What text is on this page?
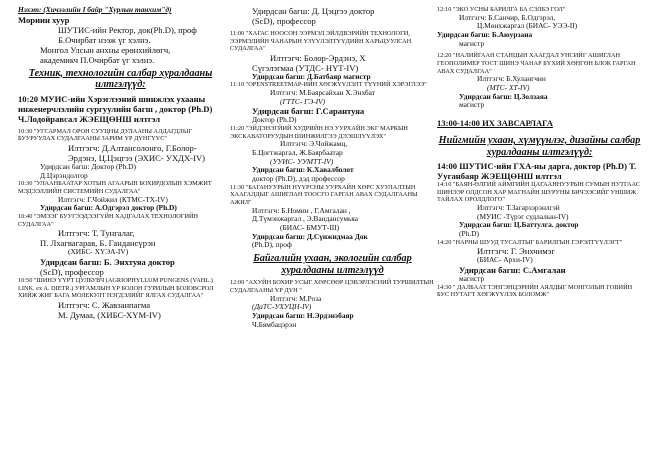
Нэхэт: (Хичээлийн I байр "Хурлын танхим"д)

Мориин хуур

ШУТИС-ийн Ректор, док(Ph.D), проф

Б.Очирбат нээж үг хэлнэ.

Монгол Улсын анхны ерөнхийлөгч,

академикч П.Очирбат үг хэлнэ.

Техник, технологийн салбар хуралдааны илтгэлүүд:

10:20 МУИС-ийн Хэрэглээний шинжлэх ухааны инженерчлэлийн сургуулийн багш , доктор (Ph.D) Ч.Лодойравсал ЖЭЕЩӨНШ илтгэл

10:30 "УГСАРМАЛ ОРОН СУУЦНЫ ДУЛААНЫ АЛДАГДЛЫГ БУУРУУЛАХ СУДАЛГААНЫ ЗАРИМ ҮР ДҮНГҮҮС"

Илтгэгч: Д.Алтансолонго, Г.Болор-

Эрдэнэ, Ц.Цэцгээ (ЭХИС- УХДХ-IV)

Удирдсан багш: Доктор (Ph.D)

Д.Цэрэндолгор

10:30 "УЛААНБААТАР ХОТЫН АГААРЫН БОХИРДОЛЫН ХЭМЖИТ МЭДЭЭЛЛИЙН СИСТЕМИЙН СУДАЛГАА"

Илтгэгч: Г.Чойжил (КТМС-ТХ-IV)

Удирдсан багш: А.Одгэрэл доктор (Ph.D)

10:40 "ЭМЭЭГ БУУГЭЭДЭЭГҮЙН ХАДГАЛАХ ТЕХНОЛОГИЙН СУДАЛГАА"

Илтгэгч: Т. Тунгалаг,

П. Лхагвагарав, Б. Гандансүрэн

(ХИБС- ХҮЭА-IV)

Удирдсан багш: Б. Энхтуяа доктор

(ScD), профессор

10:50 "ШИНЭ ҮҮРТ ЦУЛБУВЧ (AGRIOPHYLLUM PUNGENS (VAHL.) LINK. ex A. DIETR.) УРГАМЛЫН ҮР БОЛОН ГУРИЛЫН БОЛОВСРОЛ ХИЙЖ ЖИГ БАГА МОЛЕКУЛТ НЭГДЭЛИЙГ ЯЛГАХ СУДАЛГАА"

Илтгэгч: С. Жавзанпагма

М. Думаа, (ХИБС-ХҮМ-IV)

Удирдсан багш: Д. Цэцгээ доктор

(ScD), профессор

11:00 "ХАГАС НООСОН ЭЭРМЭЛ ЭЙЛДВЭРИЙН ТЕХНОЛОГИ, ЭЭРМЭЛИЙН ЧАНАРЫН ҮЗҮҮЛЭЛТҮҮДИЙН ХАРЬЦУУЛСАН СУДАЛГАА"

Илтгэгч: Болор-Эрдэнэ, Х

Сүгэлэгмаа (УТДС- НҮТ-IV)

Удирдсан багш: Д.Батбаяр магистр

11:10 "OPENSTREETMAP-ИЙН ХӨГЖҮҮЛЭЛТ ТҮҮНИЙ ХЭРЭГЛЭЭ"

Илтгэгч: М.Баярсайхан Х.Энхбат

(ГТТС- ГЭ-IV)

Удирдсан багш: Г.Сарантуяа

Доктор (Ph.D)

11:20 "ЭЙДЭНЭГЙИЙ ХУДРИЙН НЭ УУРХАЙН ЭКГ МАРКЫН ЭКСКАВАТОРУУДЫН ШИНЖИЛГЭЭ ДЭЭШЛҮҮЛЭХ"

Илтгэгч: Э.Чойжамц,

Б.Цогтжаргал, Ж.Баярбаатар

(УУИС- УУМТТ-IV)

Удирдсан багш: К.Хавалболот

доктор (Ph.D), дэд профессор

11:30 "БАГАНУУРЫН НҮҮРСНЫ УУРХАЙН ХӨРС ХУУЛАЛТЫН ХААГАЛДЫГ АШИГЛАН ТООСГО ГАРГАН АВАХ СУДАЛГААНЫ АЖИЛ"

Илтгэгч: Б.Номин , Г.Амгалан ,

Д.Түмэнжаргал , Э.Вандансумьяа

(БИАС- БМУТ-III)

Удирдсан багш: Д.Сүнжидмаа Док

(Ph.D), проф

Байгалийн ухаан, экологийн салбар хуралдааны илтгэлүүд

12:00 "АХУЙН БОХИР УСЫГ ХӨРСӨӨР ЦЭВЭРЛЭСНИЙ ТУРШИЛТЫН СУДАЛГААНЫ ҮР ДҮН "

Илтгэгч: М.Роза

(ДаТС-УХУЦН-IV)

Удирдсан багш: Н.Эрдэнэбаяр

Ч.Бямбацэрэн

12:10 "ЭКО УСНЫ БАРИЛГА БА СЭЛБЭ ГОЛ"

Илтгэгч: Б.Санчир, Б.Одгэрэл,

Ц.Мөнхжаргал (БИАС- УЭЭ-II)

Удирдсан багш: Б.Аюурзана

магистр

12:20 "НАЛИЙГААН СТАНЦЫН ХААГДАЛ УНСИЙГ АШИГЛАН ГЕОПОЛИМЕР ТОСТ ШИНЭ ЧАНАР БҮХИЙ ХӨНГӨН БЛОК ГАРГАН АВАХ СУДАЛГАА"

Илтгэгч: Б.Хулангчин

(МТС- ХТ-IV)

Удирдсан багш: Ц.Золзаяа

магистр

13:00-14:00 ИХ ЗАВСАРЛАГА

Нийгмийн ухаан, хүмүүнлэг, дизайны салбар хуралдааны илтгэлүүд:

14:00 ШУТИС-ийн ГХА-ны дарга, доктор (Ph.D) Т. Ууганбаяр ЖЭЕЩӨНШ илтгэл

14:10 "БАЯН-ӨЛГИЙ АЙМГИЙН ЦАГААННУУРЫН СУМЫН НУТГААС ШИНЭЭР ОЛДСОН ХАР МАГНАЙН ШУРУНЫ БИЧЭЭСИЙГ УНШИЖ ТАЙЛАХ ОРОЛДЛОГО"

Илтгэгч: Т.Загарзэрэнлгэй

(МУИС -Түрэг судлалын-IV)

Удирдсан багш: Ц.Баттулга. доктор

(Ph.D)

14:20 "НАРНЫ ШУУД ТУСАЛТЫГ БАРИЛГЫН ГЭРЭЛТҮҮЛЭГТ"

Илтгэгч: Г. Энхчимэг

(БИАС- Архи-IV)

Удирдсан багш: С.Амгалан

магистр

14:30 " ДАЛБААТ ТЭНГЭНЦЭРИЙН АЯЛДЫГ МОНГОЛЫН ГОВИЙН БУС НУТАГТ ХӨГЖҮҮЛЭХ БОЛОМЖ"
